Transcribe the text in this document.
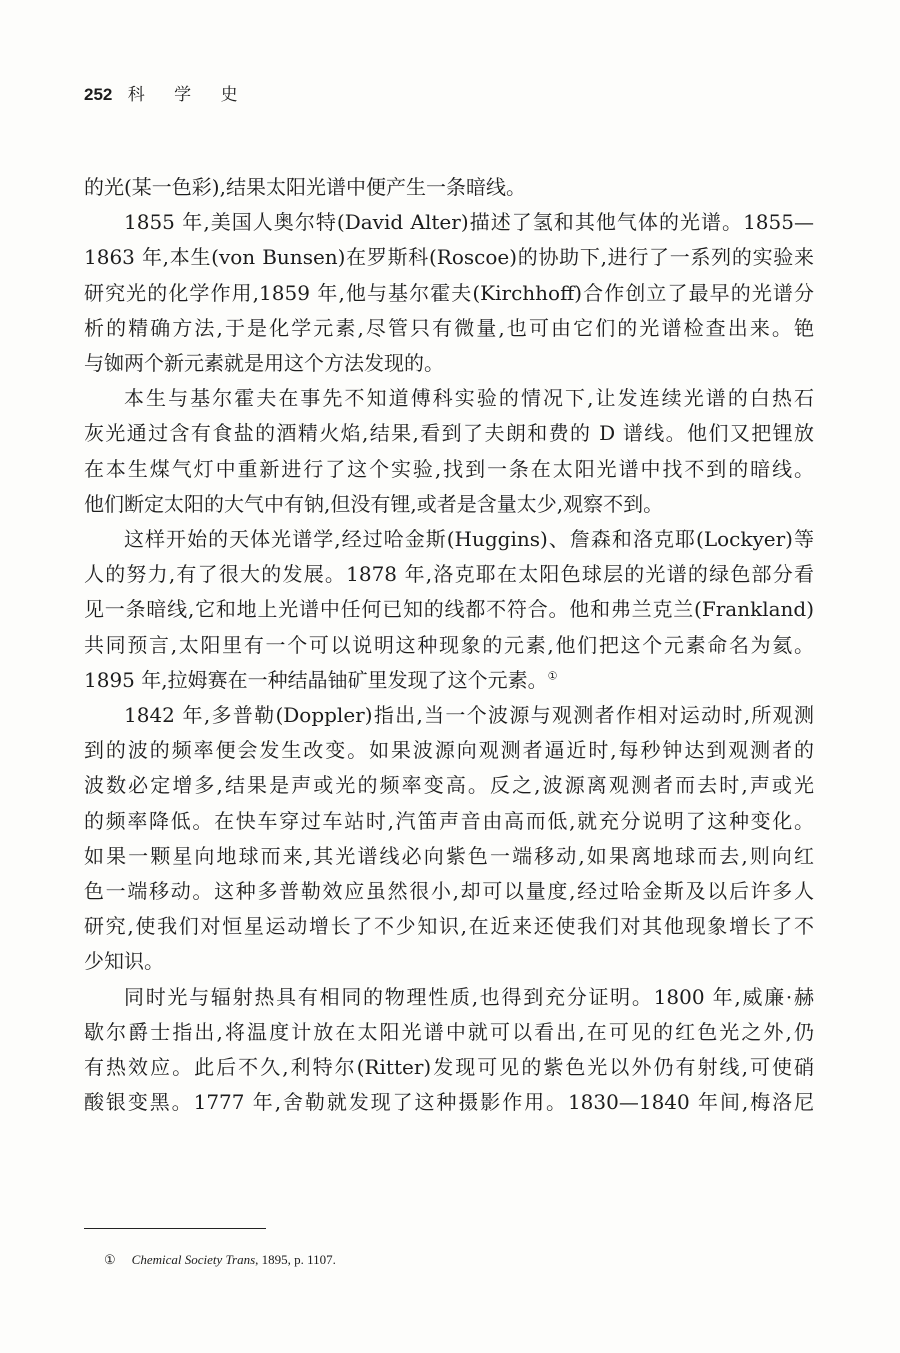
252 科 学 史
的光(某一色彩),结果太阳光谱中便产生一条暗线。
1855 年,美国人奥尔特(David Alter)描述了氢和其他气体的光谱。1855—
1863 年,本生(von Bunsen)在罗斯科(Roscoe)的协助下,进行了一系列的实验来
研究光的化学作用,1859 年,他与基尔霍夫(Kirchhoff)合作创立了最早的光谱分
析的精确方法,于是化学元素,尽管只有微量,也可由它们的光谱检查出来。铯
与铷两个新元素就是用这个方法发现的。
本生与基尔霍夫在事先不知道傅科实验的情况下,让发连续光谱的白热石
灰光通过含有食盐的酒精火焰,结果,看到了夫朗和费的 D 谱线。他们又把锂放
在本生煤气灯中重新进行了这个实验,找到一条在太阳光谱中找不到的暗线。
他们断定太阳的大气中有钠,但没有锂,或者是含量太少,观察不到。
这样开始的天体光谱学,经过哈金斯(Huggins)、詹森和洛克耶(Lockyer)等
人的努力,有了很大的发展。1878 年,洛克耶在太阳色球层的光谱的绿色部分看
见一条暗线,它和地上光谱中任何已知的线都不符合。他和弗兰克兰(Frankland)
共同预言,太阳里有一个可以说明这种现象的元素,他们把这个元素命名为氦。
1895 年,拉姆赛在一种结晶铀矿里发现了这个元素。①
1842 年,多普勒(Doppler)指出,当一个波源与观测者作相对运动时,所观测
到的波的频率便会发生改变。如果波源向观测者逼近时,每秒钟达到观测者的
波数必定增多,结果是声或光的频率变高。反之,波源离观测者而去时,声或光
的频率降低。在快车穿过车站时,汽笛声音由高而低,就充分说明了这种变化。
如果一颗星向地球而来,其光谱线必向紫色一端移动,如果离地球而去,则向红
色一端移动。这种多普勒效应虽然很小,却可以量度,经过哈金斯及以后许多人
研究,使我们对恒星运动增长了不少知识,在近来还使我们对其他现象增长了不
少知识。
同时光与辐射热具有相同的物理性质,也得到充分证明。1800 年,威廉·赫
歇尔爵士指出,将温度计放在太阳光谱中就可以看出,在可见的红色光之外,仍
有热效应。此后不久,利特尔(Ritter)发现可见的紫色光以外仍有射线,可使硝
酸银变黑。1777 年,舍勒就发现了这种摄影作用。1830—1840 年间,梅洛尼
① Chemical Society Trans, 1895, p. 1107.
